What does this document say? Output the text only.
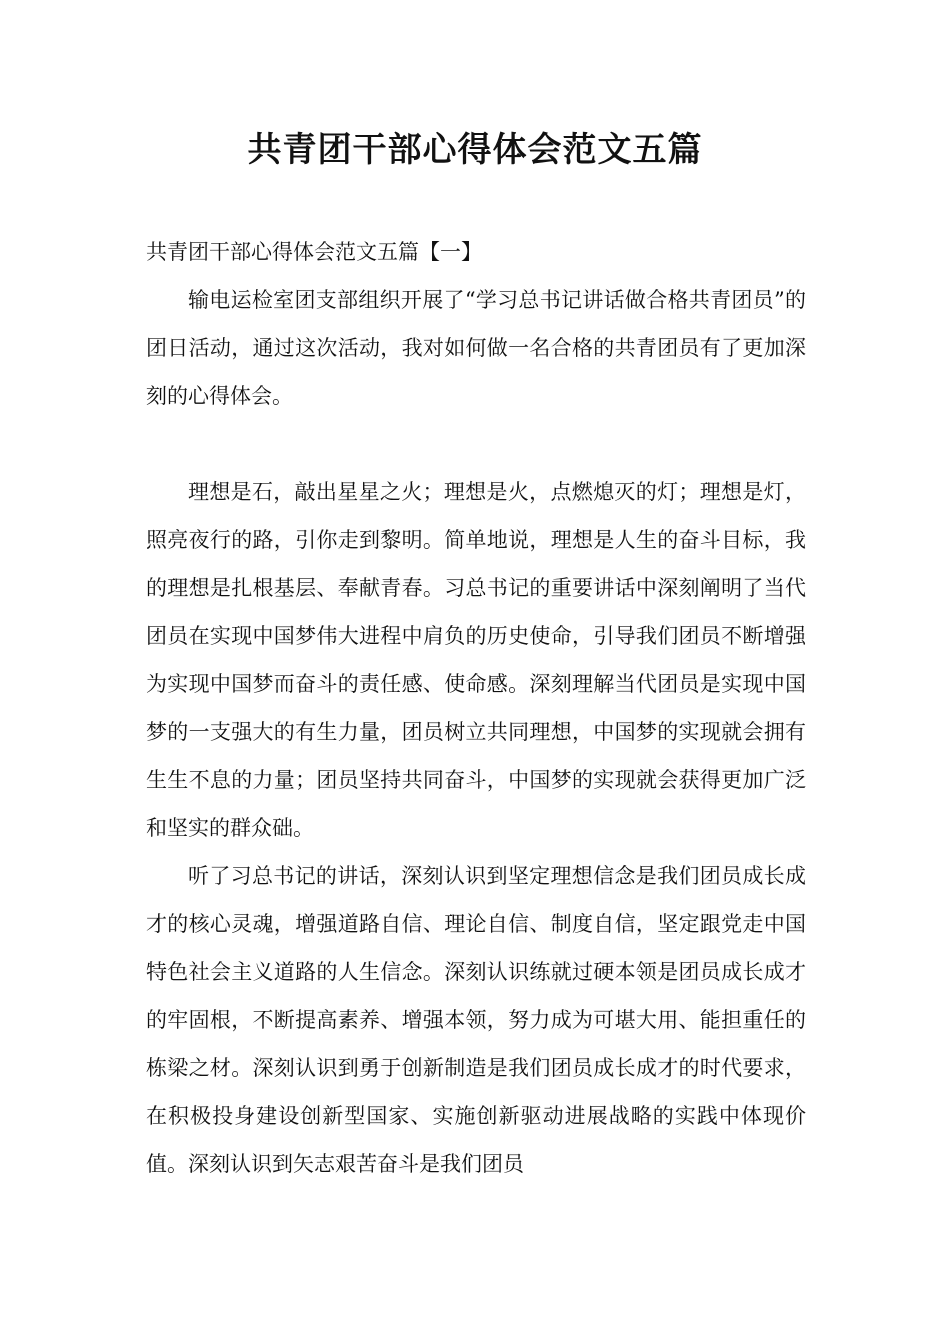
共青团干部心得体会范文五篇

共青团干部心得体会范文五篇【一】

输电运检室团支部组织开展了“学习总书记讲话做合格共青团员”的团日活动，通过这次活动，我对如何做一名合格的共青团员有了更加深刻的心得体会。

理想是石，敲出星星之火；理想是火，点燃熄灭的灯；理想是灯，照亮夜行的路，引你走到黎明。简单地说，理想是人生的奋斗目标，我的理想是扎根基层、奉献青春。习总书记的重要讲话中深刻阐明了当代团员在实现中国梦伟大进程中肩负的历史使命，引导我们团员不断增强为实现中国梦而奋斗的责任感、使命感。深刻理解当代团员是实现中国梦的一支强大的有生力量，团员树立共同理想，中国梦的实现就会拥有生生不息的力量；团员坚持共同奋斗，中国梦的实现就会获得更加广泛和坚实的群众础。

听了习总书记的讲话，深刻认识到坚定理想信念是我们团员成长成才的核心灵魂，增强道路自信、理论自信、制度自信，坚定跟党走中国特色社会主义道路的人生信念。深刻认识练就过硬本领是团员成长成才的牢固根，不断提高素养、增强本领，努力成为可堪大用、能担重任的栋梁之材。深刻认识到勇于创新制造是我们团员成长成才的时代要求，在积极投身建设创新型国家、实施创新驱动进展战略的实践中体现价值。深刻认识到矢志艰苦奋斗是我们团员
